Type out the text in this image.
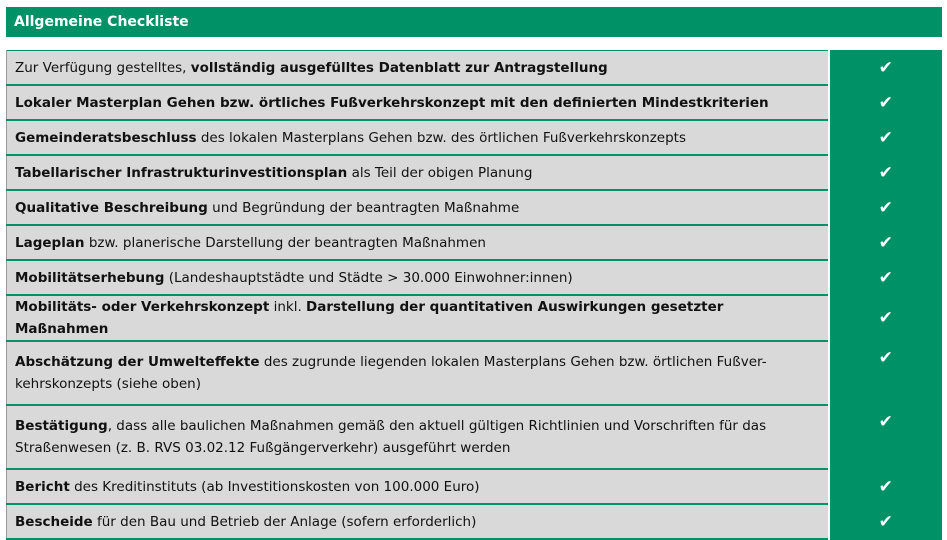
Allgemeine Checkliste
Zur Verfügung gestelltes, vollständig ausgefülltes Datenblatt zur Antragstellung	✔
Lokaler Masterplan Gehen bzw. örtliches Fußverkehrskonzept mit den definierten Mindestkriterien	✔
Gemeinderatsbeschluss des lokalen Masterplans Gehen bzw. des örtlichen Fußverkehrskonzepts	✔
Tabellarischer Infrastrukturinvestitionsplan als Teil der obigen Planung	✔
Qualitative Beschreibung und Begründung der beantragten Maßnahme	✔
Lageplan bzw. planerische Darstellung der beantragten Maßnahmen	✔
Mobilitätserhebung (Landeshauptstädte und Städte > 30.000 Einwohner:innen)	✔
Mobilitäts- oder Verkehrskonzept inkl. Darstellung der quantitativen Auswirkungen gesetzter Maßnahmen	✔
Abschätzung der Umwelteffekte des zugrunde liegenden lokalen Masterplans Gehen bzw. örtlichen Fußver-kehrskonzepts (siehe oben)	✔
Bestätigung, dass alle baulichen Maßnahmen gemäß den aktuell gültigen Richtlinien und Vorschriften für das Straßenwesen (z. B. RVS 03.02.12 Fußgängerverkehr) ausgeführt werden	✔
Bericht des Kreditinstituts (ab Investitionskosten von 100.000 Euro)	✔
Bescheide für den Bau und Betrieb der Anlage (sofern erforderlich)	✔
